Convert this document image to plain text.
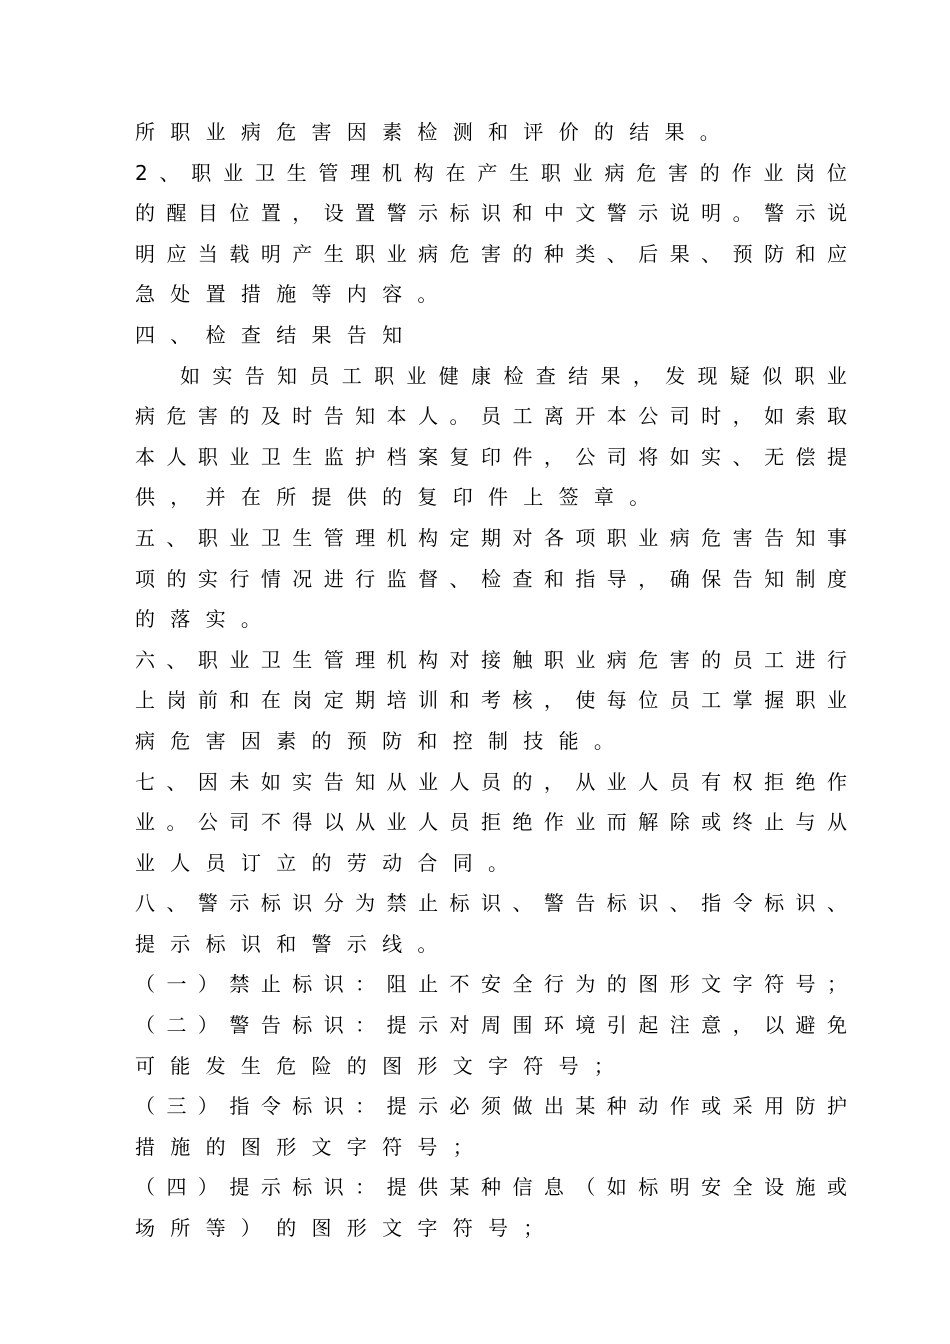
所职业病危害因素检测和评价的结果。
2 、 职 业 卫 生 管 理 机 构 在 产 生 职 业 病 危 害 的 作 业 岗 位
的 醒 目 位 置 ， 设 置 警 示 标 识 和 中 文 警 示 说 明 。 警 示 说
明 应 当 载 明 产 生 职 业 病 危 害 的 种 类 、 后 果 、 预 防 和 应
急处置措施等内容。
四、检查结果告知
如 实 告 知 员 工 职 业 健 康 检 查 结 果 ， 发 现 疑 似 职 业
病 危 害 的 及 时 告 知 本 人 。 员 工 离 开 本 公 司 时 ， 如 索 取
本 人 职 业 卫 生 监 护 档 案 复 印 件 ， 公 司 将 如 实 、 无 偿 提
供，并在所提供的复印件上签章。
五 、 职 业 卫 生 管 理 机 构 定 期 对 各 项 职 业 病 危 害 告 知 事
项 的 实 行 情 况 进 行 监 督 、 检 查 和 指 导 ， 确 保 告 知 制 度
的落实。
六 、 职 业 卫 生 管 理 机 构 对 接 触 职 业 病 危 害 的 员 工 进 行
上 岗 前 和 在 岗 定 期 培 训 和 考 核 ， 使 每 位 员 工 掌 握 职 业
病危害因素的预防和控制技能。
七 、 因 未 如 实 告 知 从 业 人 员 的 ， 从 业 人 员 有 权 拒 绝 作
业 。 公 司 不 得 以 从 业 人 员 拒 绝 作 业 而 解 除 或 终 止 与 从
业人员订立的劳动合同。
八 、 警 示 标 识 分 为 禁 止 标 识 、 警 告 标 识 、 指 令 标 识 、
提示标识和警示线。
（ 一 ） 禁 止 标 识 ： 阻 止 不 安 全 行 为 的 图 形 文 字 符 号 ；
（ 二 ） 警 告 标 识 ： 提 示 对 周 围 环 境 引 起 注 意 ， 以 避 免
可能发生危险的图形文字符号；
（ 三 ） 指 令 标 识 ： 提 示 必 须 做 出 某 种 动 作 或 采 用 防 护
措施的图形文字符号；
（ 四 ） 提 示 标 识 ： 提 供 某 种 信 息 （ 如 标 明 安 全 设 施 或
场所等）的图形文字符号；
